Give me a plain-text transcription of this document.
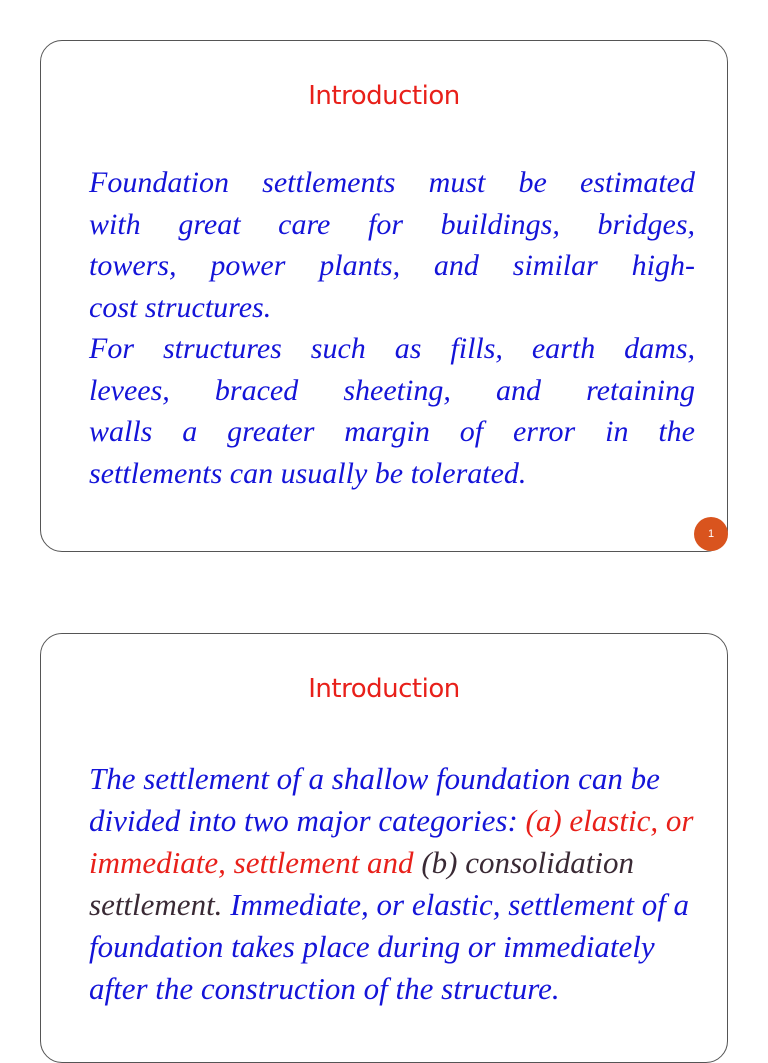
Introduction

Foundation settlements must be estimated

with great care for buildings, bridges,

towers, power plants, and similar high-

cost structures.

For structures such as fills, earth dams,

levees, braced sheeting, and retaining

walls a greater margin of error in the

settlements can usually be tolerated.

1
Introduction
The settlement of a shallow foundation can be divided into two major categories: (a) elastic, or immediate, settlement and (b) consolidation settlement. Immediate, or elastic, settlement of a foundation takes place during or immediately after the construction of the structure.
